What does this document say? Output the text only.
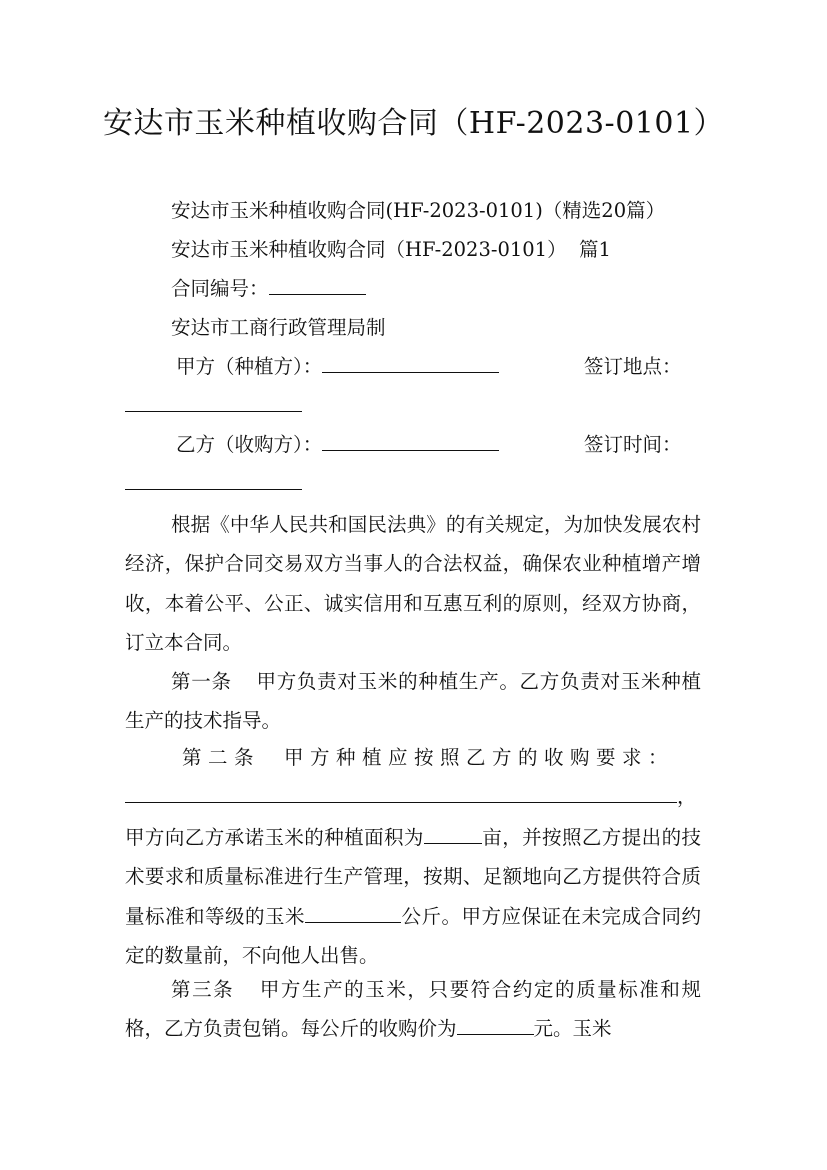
安达市玉米种植收购合同（HF-2023-0101）
安达市玉米种植收购合同(HF-2023-0101)（精选20篇）
安达市玉米种植收购合同（HF-2023-0101）  篇1
合同编号：
安达市工商行政管理局制
甲方（种植方）：	签订地点：
乙方（收购方）：	签订时间：
根据《中华人民共和国民法典》的有关规定，为加快发展农村经济，保护合同交易双方当事人的合法权益，确保农业种植增产增收，本着公平、公正、诚实信用和互惠互利的原则，经双方协商，订立本合同。
第一条 甲方负责对玉米的种植生产。乙方负责对玉米种植生产的技术指导。
第二条 甲方种植应按照乙方的收购要求：
，
甲方向乙方承诺玉米的种植面积为	亩，并按照乙方提出的技术要求和质量标准进行生产管理，按期、足额地向乙方提供符合质量标准和等级的玉米	公斤。甲方应保证在未完成合同约定的数量前，不向他人出售。
第三条 甲方生产的玉米，只要符合约定的质量标准和规格，乙方负责包销。每公斤的收购价为	元。玉米
